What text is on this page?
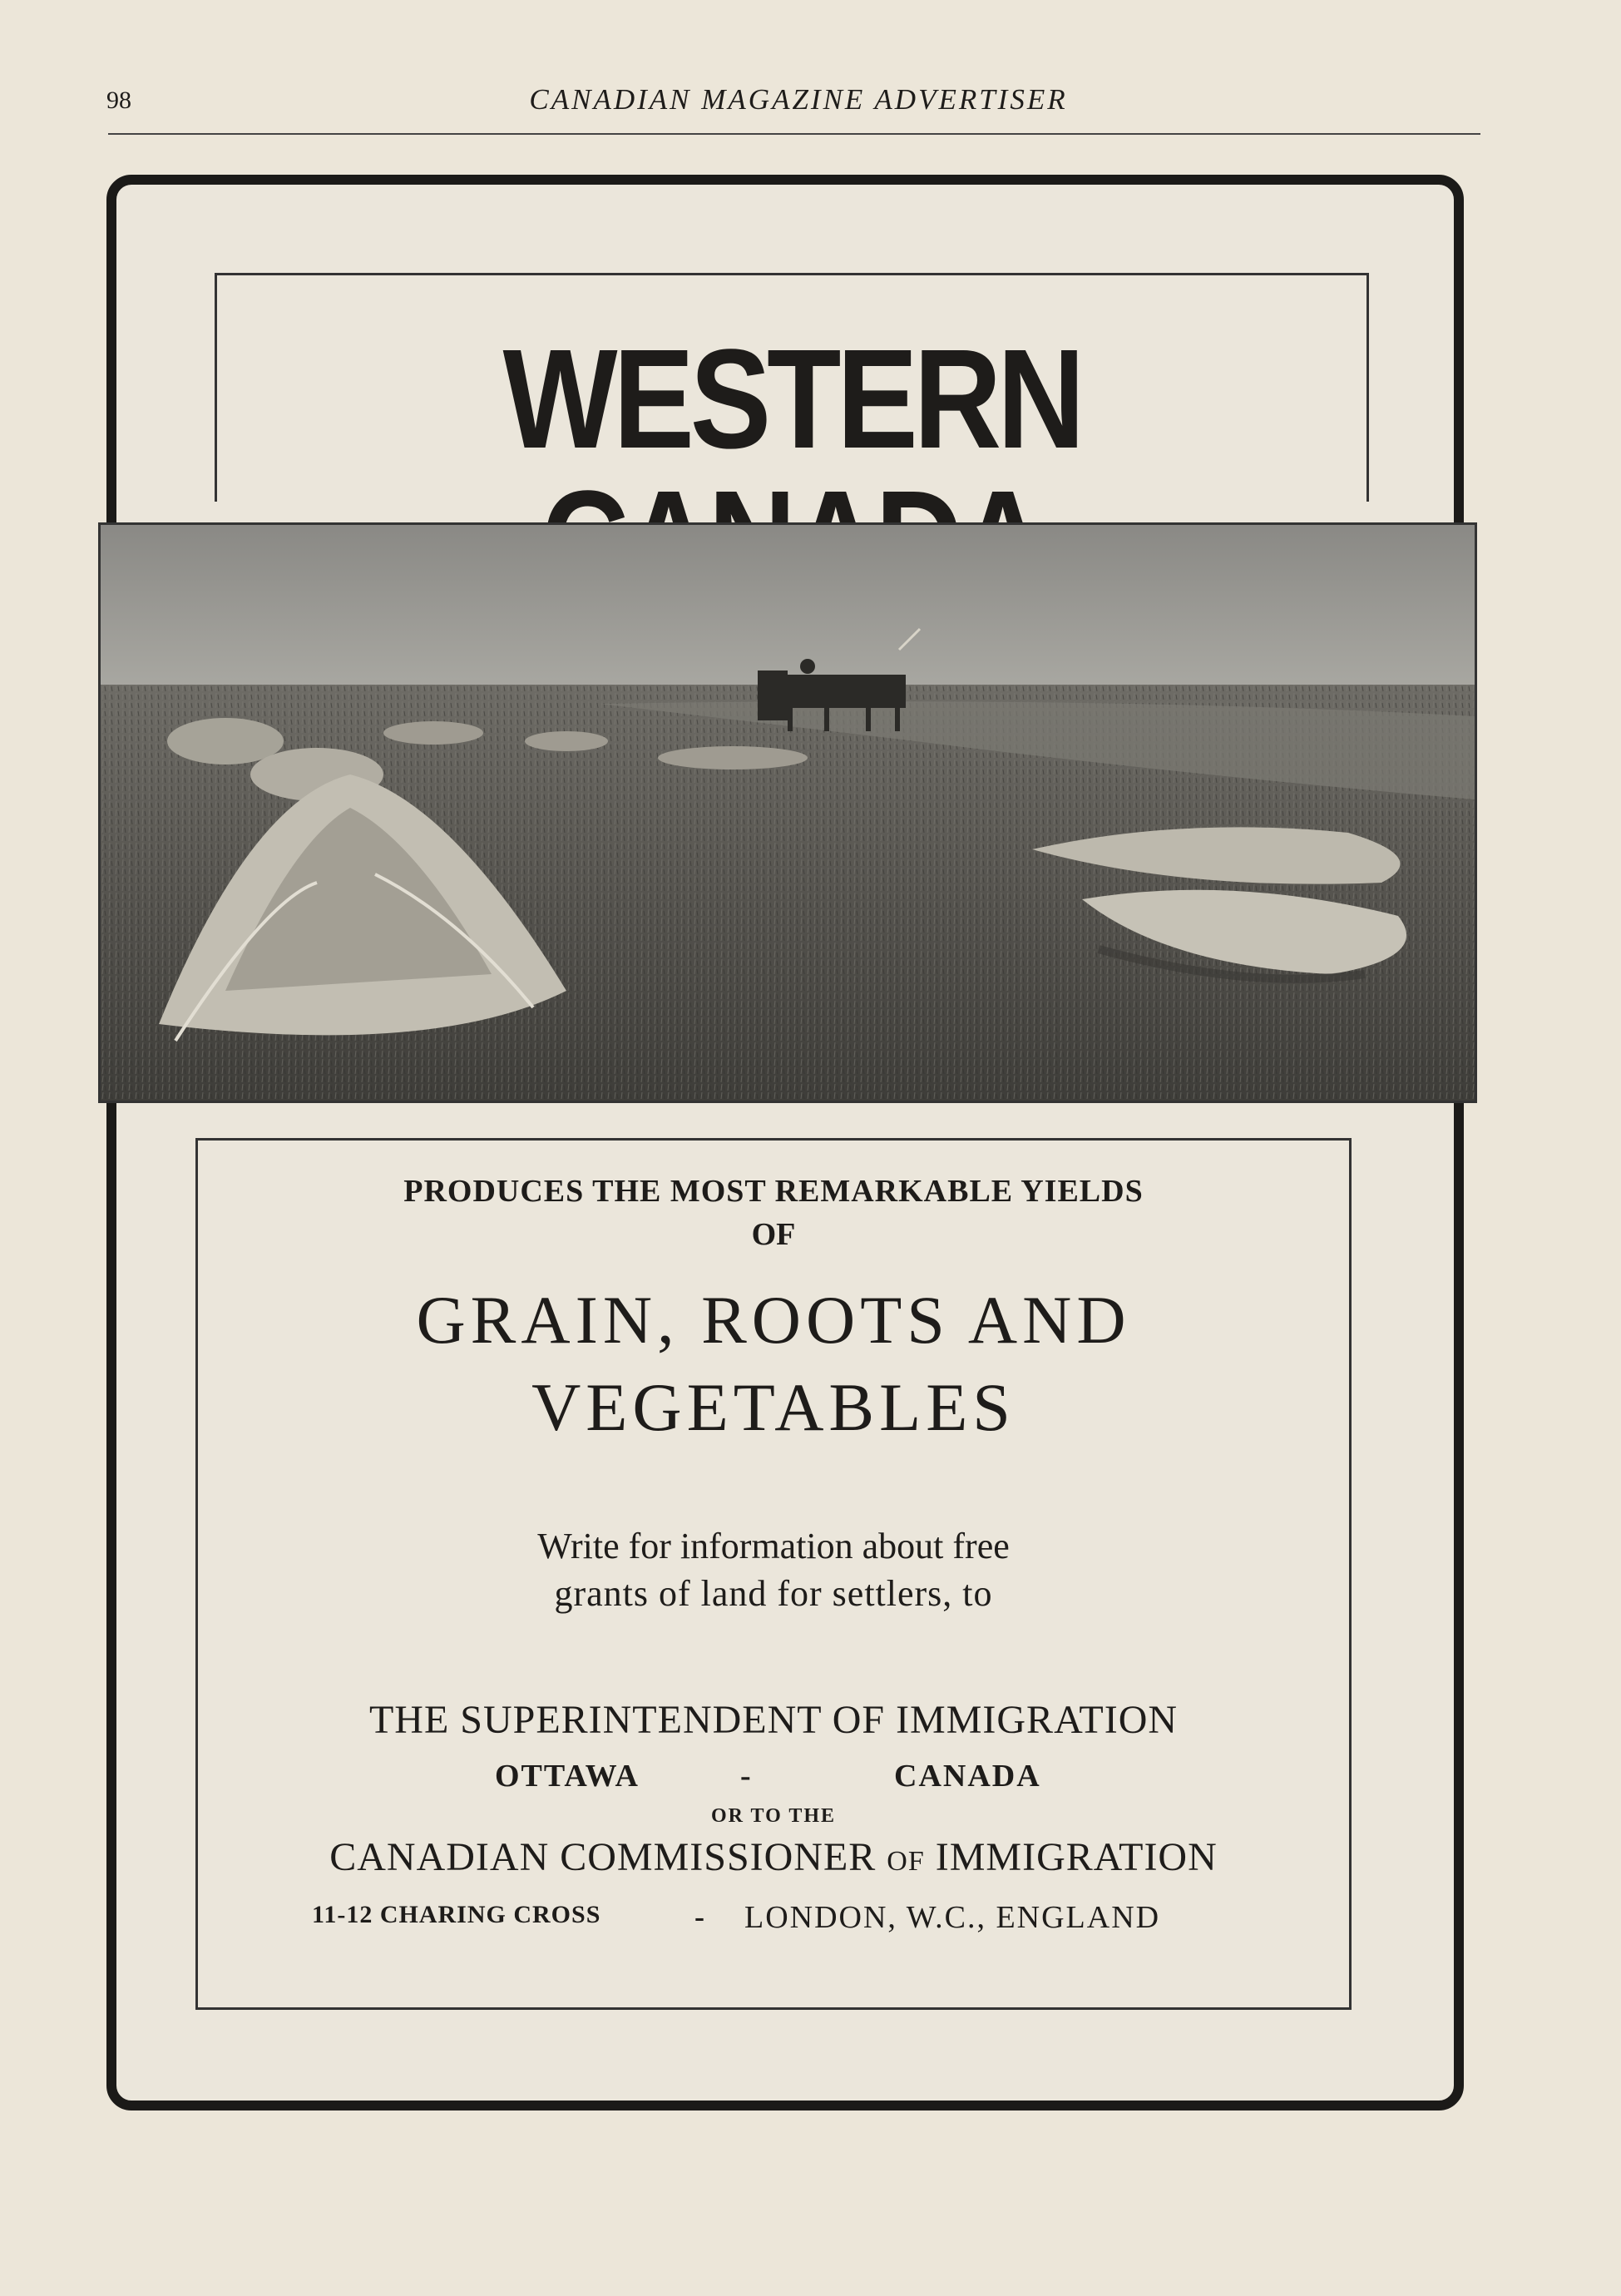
98	CANADIAN MAGAZINE ADVERTISER
WESTERN
PRODUCES THE MOST REMARKABLE YIELDS
OF
GRAIN, ROOTS AND
VEGETABLES
Write for information about free
grants of land for settlers, to
THE SUPERINTENDENT OF IMMIGRATION
OTTAWA	-	CANADA
OR TO THE
CANADIAN COMMISSIONER OF IMMIGRATION
11-12 CHARING CROSS	- LONDON, W.C., ENGLAND
